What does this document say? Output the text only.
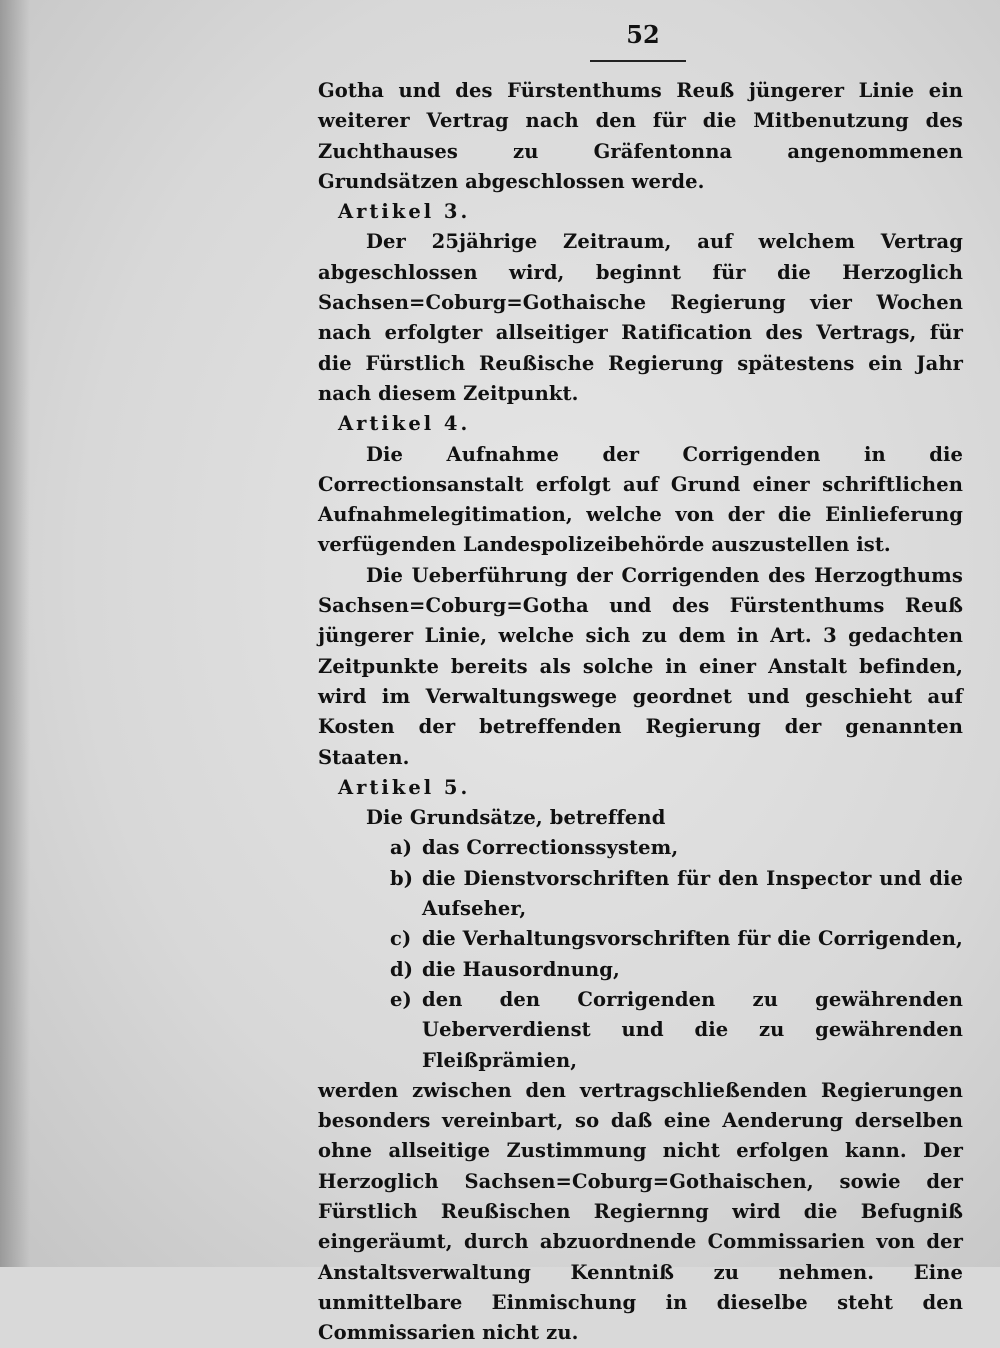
52

Gotha und des Fürstenthums Reuß jüngerer Linie ein weiterer Vertrag nach den für die Mitbenutzung des Zuchthauses zu Gräfentonna angenommenen Grundsätzen abgeschlossen werde.

Artikel 3.

Der 25jährige Zeitraum, auf welchem Vertrag abgeschlossen wird, beginnt für die Herzoglich Sachsen=Coburg=Gothaische Regierung vier Wochen nach erfolgter allseitiger Ratification des Vertrags, für die Fürstlich Reußische Regierung spätestens ein Jahr nach diesem Zeitpunkt.

Artikel 4.

Die Aufnahme der Corrigenden in die Correctionsanstalt erfolgt auf Grund einer schriftlichen Aufnahmelegitimation, welche von der die Einlieferung verfügenden Landespolizeibehörde auszustellen ist.

Die Ueberführung der Corrigenden des Herzogthums Sachsen=Coburg=Gotha und des Fürstenthums Reuß jüngerer Linie, welche sich zu dem in Art. 3 gedachten Zeitpunkte bereits als solche in einer Anstalt befinden, wird im Verwaltungswege geordnet und geschieht auf Kosten der betreffenden Regierung der genannten Staaten.

Artikel 5.

Die Grundsätze, betreffend

a) das Correctionssystem,
b) die Dienstvorschriften für den Inspector und die Aufseher,
c) die Verhaltungsvorschriften für die Corrigenden,
d) die Hausordnung,
e) den den Corrigenden zu gewährenden Ueberverdienst und die zu gewährenden Fleißprämien,

werden zwischen den vertragschließenden Regierungen besonders vereinbart, so daß eine Aenderung derselben ohne allseitige Zustimmung nicht erfolgen kann. Der Herzoglich Sachsen=Coburg=Gothaischen, sowie der Fürstlich Reußischen Regiernng wird die Befugniß eingeräumt, durch abzuordnende Commissarien von der Anstaltsverwaltung Kenntniß zu nehmen. Eine unmittelbare Einmischung in dieselbe steht den Commissarien nicht zu.
